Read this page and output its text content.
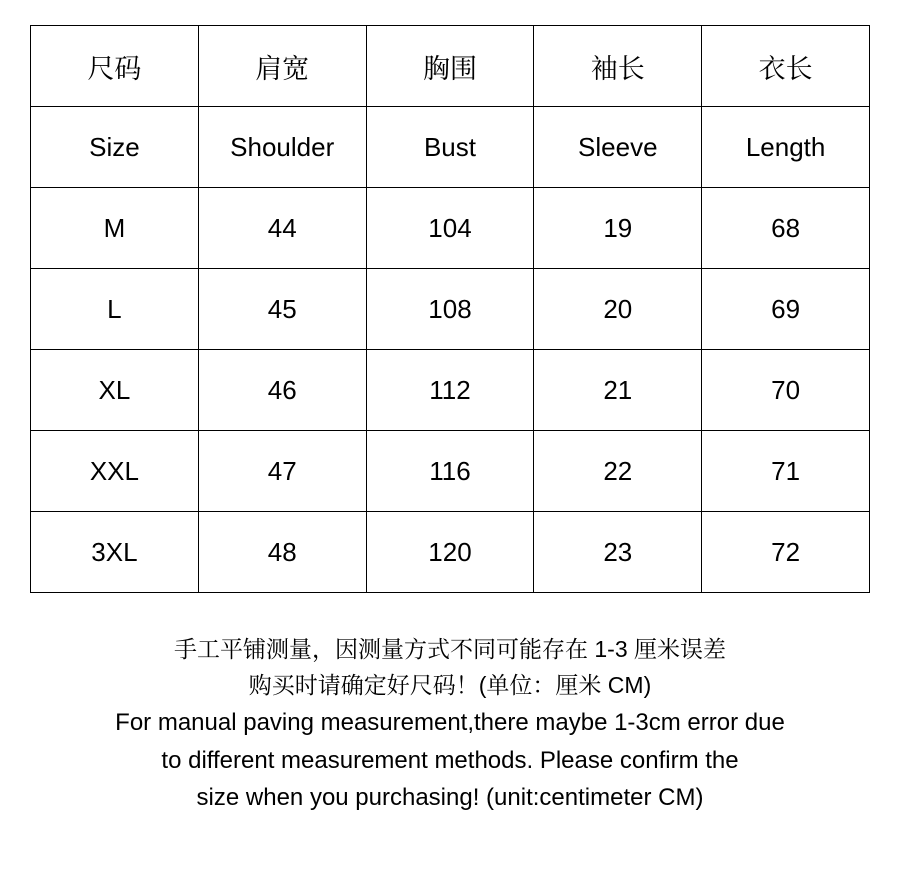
尺码	肩宽	胸围	袖长	衣长
Size	Shoulder	Bust	Sleeve	Length
M	44	104	19	68
L	45	108	20	69
XL	46	112	21	70
XXL	47	116	22	71
3XL	48	120	23	72
手工平铺测量，因测量方式不同可能存在 1-3 厘米误差
购买时请确定好尺码！(单位：厘米 CM)
For manual paving measurement,there maybe 1-3cm error due
to different measurement methods. Please confirm the
size when you purchasing! (unit:centimeter CM)
